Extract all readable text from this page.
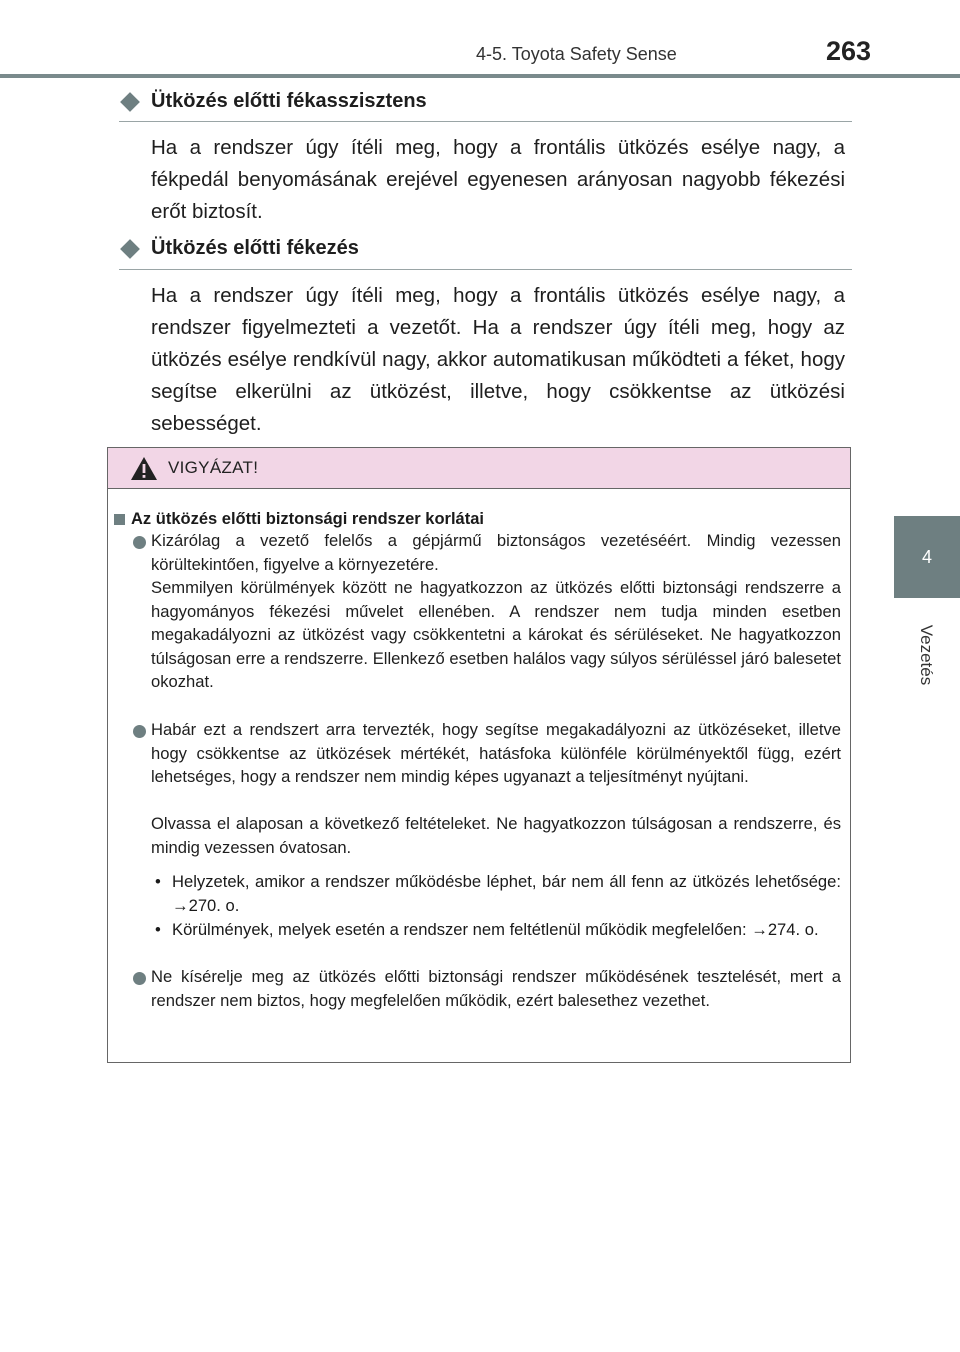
4-5. Toyota Safety Sense	263
4
Vezetés
Ütközés előtti fékasszisztens

Ha a rendszer úgy ítéli meg, hogy a frontális ütközés esélye nagy, a fékpedál benyomásának erejével egyenesen arányosan nagyobb fékezési erőt biztosít.

Ütközés előtti fékezés

Ha a rendszer úgy ítéli meg, hogy a frontális ütközés esélye nagy, a rendszer figyelmezteti a vezetőt. Ha a rendszer úgy ítéli meg, hogy az ütközés esélye rendkívül nagy, akkor automatikusan működteti a féket, hogy segítse elkerülni az ütközést, illetve, hogy csökkentse az ütközési sebességet.

VIGYÁZAT!
Az ütközés előtti biztonsági rendszer korlátai

Kizárólag a vezető felelős a gépjármű biztonságos vezetéséért. Mindig vezessen körültekintően, figyelve a környezetére.

Semmilyen körülmények között ne hagyatkozzon az ütközés előtti biztonsági rendszerre a hagyományos fékezési művelet ellenében. A rendszer nem tudja minden esetben megakadályozni az ütközést vagy csökkentetni a károkat és sérüléseket. Ne hagyatkozzon túlságosan erre a rendszerre. Ellenkező esetben halálos vagy súlyos sérüléssel járó balesetet okozhat.

Habár ezt a rendszert arra tervezték, hogy segítse megakadályozni az ütközéseket, illetve hogy csökkentse az ütközések mértékét, hatásfoka különféle körülményektől függ, ezért lehetséges, hogy a rendszer nem mindig képes ugyanazt a teljesítményt nyújtani.

Olvassa el alaposan a következő feltételeket. Ne hagyatkozzon túlságosan a rendszerre, és mindig vezessen óvatosan.

• Helyzetek, amikor a rendszer működésbe léphet, bár nem áll fenn az ütközés lehetősége: →270. o.
• Körülmények, melyek esetén a rendszer nem feltétlenül működik megfelelően: →274. o.

Ne kísérelje meg az ütközés előtti biztonsági rendszer működésének tesztelését, mert a rendszer nem biztos, hogy megfelelően működik, ezért balesethez vezethet.
